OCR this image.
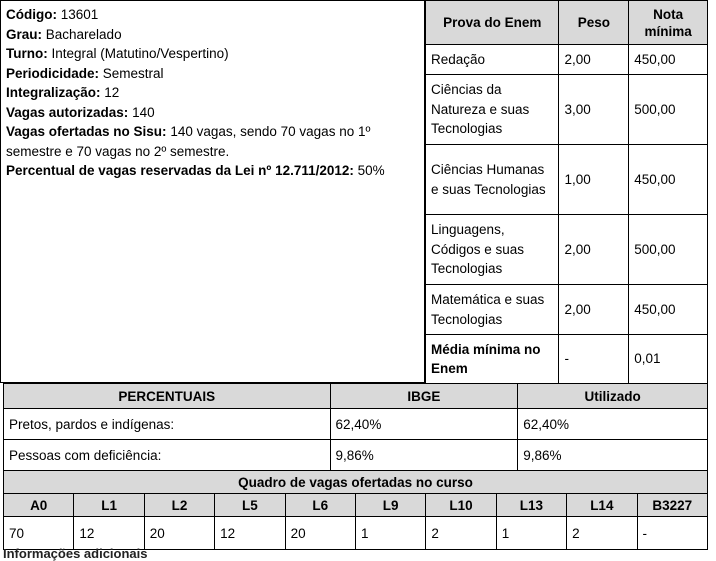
Código: 13601
Grau: Bacharelado
Turno: Integral (Matutino/Vespertino)
Periodicidade: Semestral
Integralização: 12
Vagas autorizadas: 140
Vagas ofertadas no Sisu: 140 vagas, sendo 70 vagas no 1º semestre e 70 vagas no 2º semestre.
Percentual de vagas reservadas da Lei nº 12.711/2012: 50%
Prova do Enem	Peso	Nota mínima
Redação	2,00	450,00
Ciências da Natureza e suas Tecnologias	3,00	500,00
Ciências Humanas e suas Tecnologias	1,00	450,00
Linguagens, Códigos e suas Tecnologias	2,00	500,00
Matemática e suas Tecnologias	2,00	450,00
Média mínima no Enem	-	0,01
PERCENTUAIS	IBGE	Utilizado
Pretos, pardos e indígenas:	62,40%	62,40%
Pessoas com deficiência:	9,86%	9,86%
Quadro de vagas ofertadas no curso									
A0	L1	L2	L5	L6	L9	L10	L13	L14	B3227
70	12	20	12	20	1	2	1	2	-
Informações adicionais
